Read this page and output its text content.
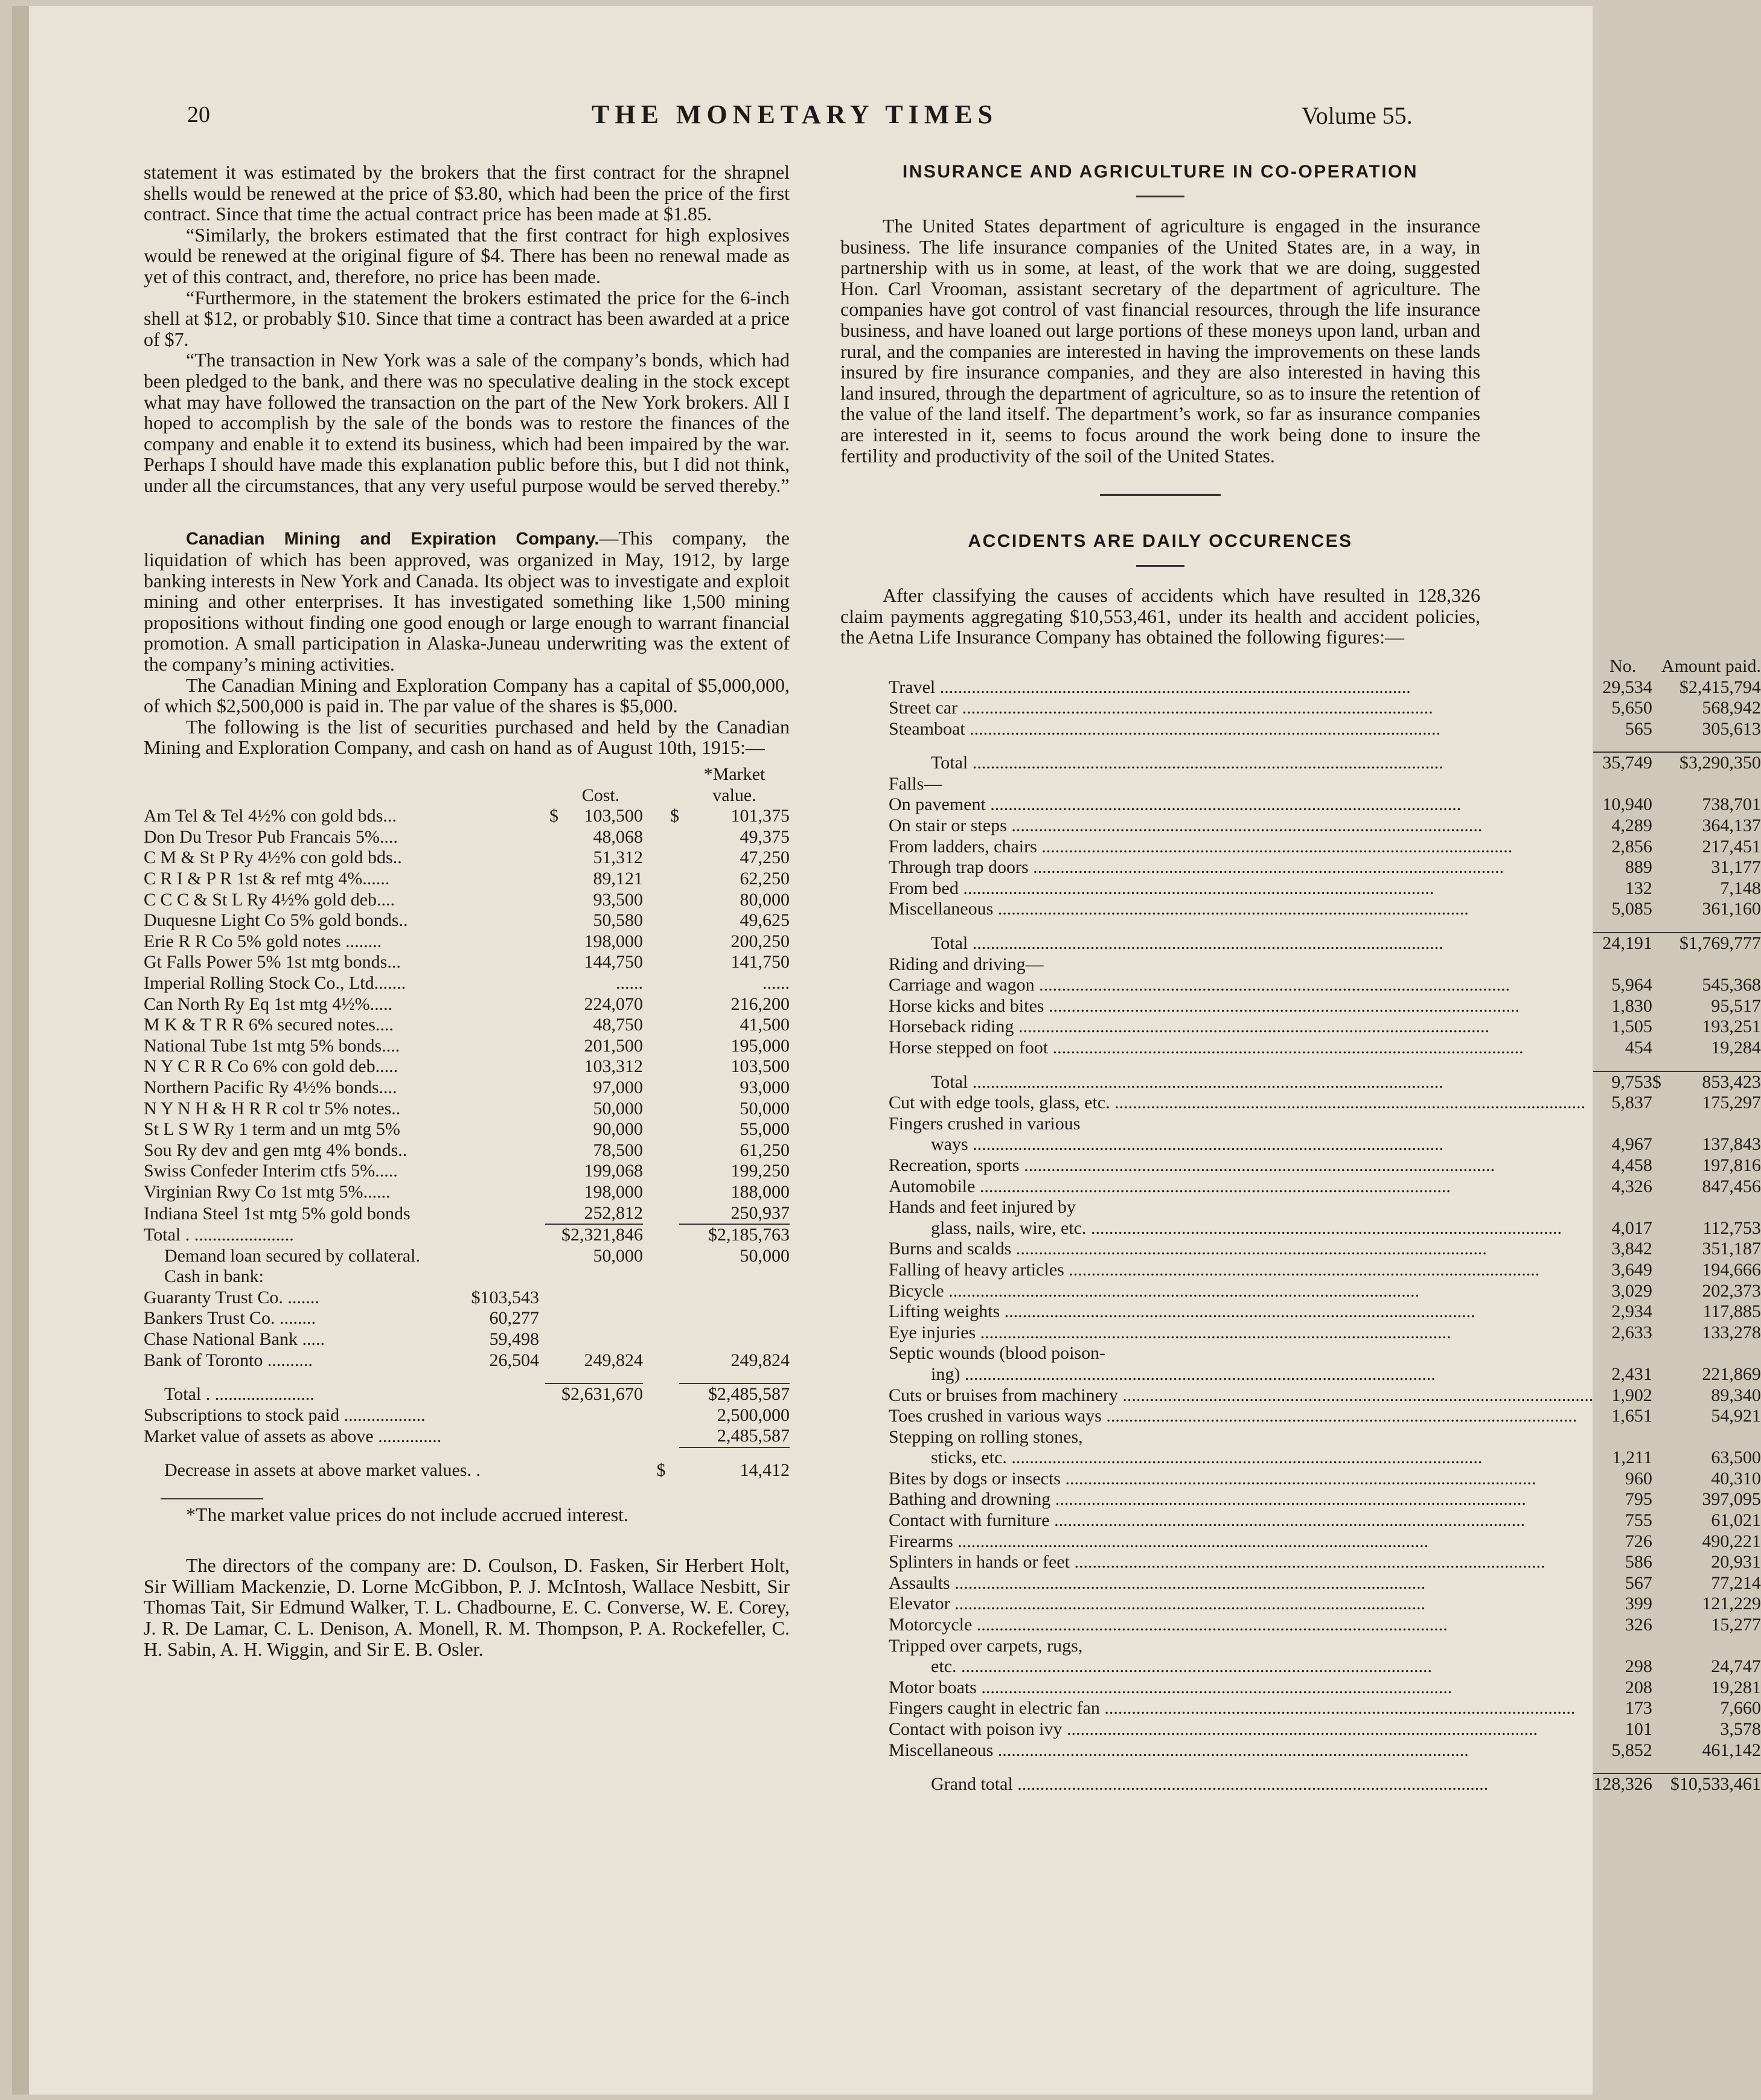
20	THE MONETARY TIMES	Volume 55.

statement it was estimated by the brokers that the first contract for the shrapnel shells would be renewed at the price of $3.80, which had been the price of the first contract. Since that time the actual contract price has been made at $1.85.

“Similarly, the brokers estimated that the first contract for high explosives would be renewed at the original figure of $4. There has been no renewal made as yet of this contract, and, therefore, no price has been made.

“Furthermore, in the statement the brokers estimated the price for the 6-inch shell at $12, or probably $10. Since that time a contract has been awarded at a price of $7.

“The transaction in New York was a sale of the company’s bonds, which had been pledged to the bank, and there was no speculative dealing in the stock except what may have followed the transaction on the part of the New York brokers. All I hoped to accomplish by the sale of the bonds was to restore the finances of the company and enable it to extend its business, which had been impaired by the war. Perhaps I should have made this explanation public before this, but I did not think, under all the circumstances, that any very useful purpose would be served thereby.”

Canadian Mining and Expiration Company.—This company, the liquidation of which has been approved, was organized in May, 1912, by large banking interests in New York and Canada. Its object was to investigate and exploit mining and other enterprises. It has investigated something like 1,500 mining propositions without finding one good enough or large enough to warrant financial promotion. A small participation in Alaska-Juneau underwriting was the extent of the company’s mining activities.

The Canadian Mining and Exploration Company has a capital of $5,000,000, of which $2,500,000 is paid in. The par value of the shares is $5,000.

The following is the list of securities purchased and held by the Canadian Mining and Exploration Company, and cash on hand as of August 10th, 1915:—

				*Market
		Cost.		value.
Am Tel & Tel 4½% con gold bds...	$	103,500	$	101,375
Don Du Tresor Pub Francais 5%....		48,068		49,375
C M & St P Ry 4½% con gold bds..		51,312		47,250
C R I & P R 1st & ref mtg 4%......		89,121		62,250
C C C & St L Ry 4½% gold deb....		93,500		80,000
Duquesne Light Co 5% gold bonds..		50,580		49,625
Erie R R Co 5% gold notes ........		198,000		200,250
Gt Falls Power 5% 1st mtg bonds...		144,750		141,750
Imperial Rolling Stock Co., Ltd.......		......		......
Can North Ry Eq 1st mtg 4½%.....		224,070		216,200
M K & T R R 6% secured notes....		48,750		41,500
National Tube 1st mtg 5% bonds....		201,500		195,000
N Y C R R Co 6% con gold deb.....		103,312		103,500
Northern Pacific Ry 4½% bonds....		97,000		93,000
N Y N H & H R R col tr 5% notes..		50,000		50,000
St L S W Ry 1 term and un mtg 5%		90,000		55,000
Sou Ry dev and gen mtg 4% bonds..		78,500		61,250
Swiss Confeder Interim ctfs 5%.....		199,068		199,250
Virginian Rwy Co 1st mtg 5%......		198,000		188,000
Indiana Steel 1st mtg 5% gold bonds		252,812		250,937
Total . ......................		$2,321,846		$2,185,763
Demand loan secured by collateral.		50,000		50,000
Cash in bank:				
Guaranty Trust Co. ....... $103,543				

Bankers Trust Co. ........ 60,277				

Chase National Bank ..... 59,498				

Bank of Toronto .......... 26,504		249,824		249,824

Total . ......................		$2,631,670		$2,485,587
Subscriptions to stock paid ..................				2,500,000
Market value of assets as above ..............				2,485,587

Decrease in assets at above market values. .			$	14,412

*The market value prices do not include accrued interest.

The directors of the company are: D. Coulson, D. Fasken, Sir Herbert Holt, Sir William Mackenzie, D. Lorne McGibbon, P. J. McIntosh, Wallace Nesbitt, Sir Thomas Tait, Sir Edmund Walker, T. L. Chadbourne, E. C. Converse, W. E. Corey, J. R. De Lamar, C. L. Denison, A. Monell, R. M. Thompson, P. A. Rockefeller, C. H. Sabin, A. H. Wiggin, and Sir E. B. Osler.

INSURANCE AND AGRICULTURE IN CO-OPERATION

The United States department of agriculture is engaged in the insurance business. The life insurance companies of the United States are, in a way, in partnership with us in some, at least, of the work that we are doing, suggested Hon. Carl Vrooman, assistant secretary of the department of agriculture. The companies have got control of vast financial resources, through the life insurance business, and have loaned out large portions of these moneys upon land, urban and rural, and the companies are interested in having the improvements on these lands insured by fire insurance companies, and they are also interested in having this land insured, through the department of agriculture, so as to insure the retention of the value of the land itself. The department’s work, so far as insurance companies are interested in it, seems to focus around the work being done to insure the fertility and productivity of the soil of the United States.

ACCIDENTS ARE DAILY OCCURENCES

After classifying the causes of accidents which have resulted in 128,326 claim payments aggregating $10,553,461, under its health and accident policies, the Aetna Life Insurance Company has obtained the following figures:—

	No.		Amount paid.

Travel .....	29,534		$2,415,794

Street car .....	5,650		568,942

Steamboat .....	565		305,613

Total .....	35,749		$3,290,350
Falls—			

On pavement .....	10,940		738,701

On stair or steps .....	4,289		364,137

From ladders, chairs .....	2,856		217,451

Through trap doors .....	889		31,177

From bed .....	132		7,148

Miscellaneous .....	5,085		361,160

Total .....	24,191		$1,769,777
Riding and driving—			

Carriage and wagon .....	5,964		545,368

Horse kicks and bites .....	1,830		95,517

Horseback riding .....	1,505		193,251

Horse stepped on foot .....	454		19,284

Total .....	9,753	$	853,423

Cut with edge tools, glass, etc. .....	5,837		175,297
Fingers crushed in various			

ways .....	4,967		137,843

Recreation, sports .....	4,458		197,816

Automobile .....	4,326		847,456
Hands and feet injured by			

glass, nails, wire, etc. .....	4,017		112,753

Burns and scalds .....	3,842		351,187

Falling of heavy articles .....	3,649		194,666

Bicycle .....	3,029		202,373

Lifting weights .....	2,934		117,885

Eye injuries .....	2,633		133,278
Septic wounds (blood poison-			

ing) .....	2,431		221,869

Cuts or bruises from machinery .....	1,902		89,340

Toes crushed in various ways .....	1,651		54,921
Stepping on rolling stones,			

sticks, etc. .....	1,211		63,500

Bites by dogs or insects .....	960		40,310

Bathing and drowning .....	795		397,095

Contact with furniture .....	755		61,021

Firearms .....	726		490,221

Splinters in hands or feet .....	586		20,931

Assaults .....	567		77,214

Elevator .....	399		121,229

Motorcycle .....	326		15,277
Tripped over carpets, rugs,			

etc. .....	298		24,747

Motor boats .....	208		19,281

Fingers caught in electric fan .....	173		7,660

Contact with poison ivy .....	101		3,578

Miscellaneous .....	5,852		461,142

Grand total .....	128,326		$10,533,461
